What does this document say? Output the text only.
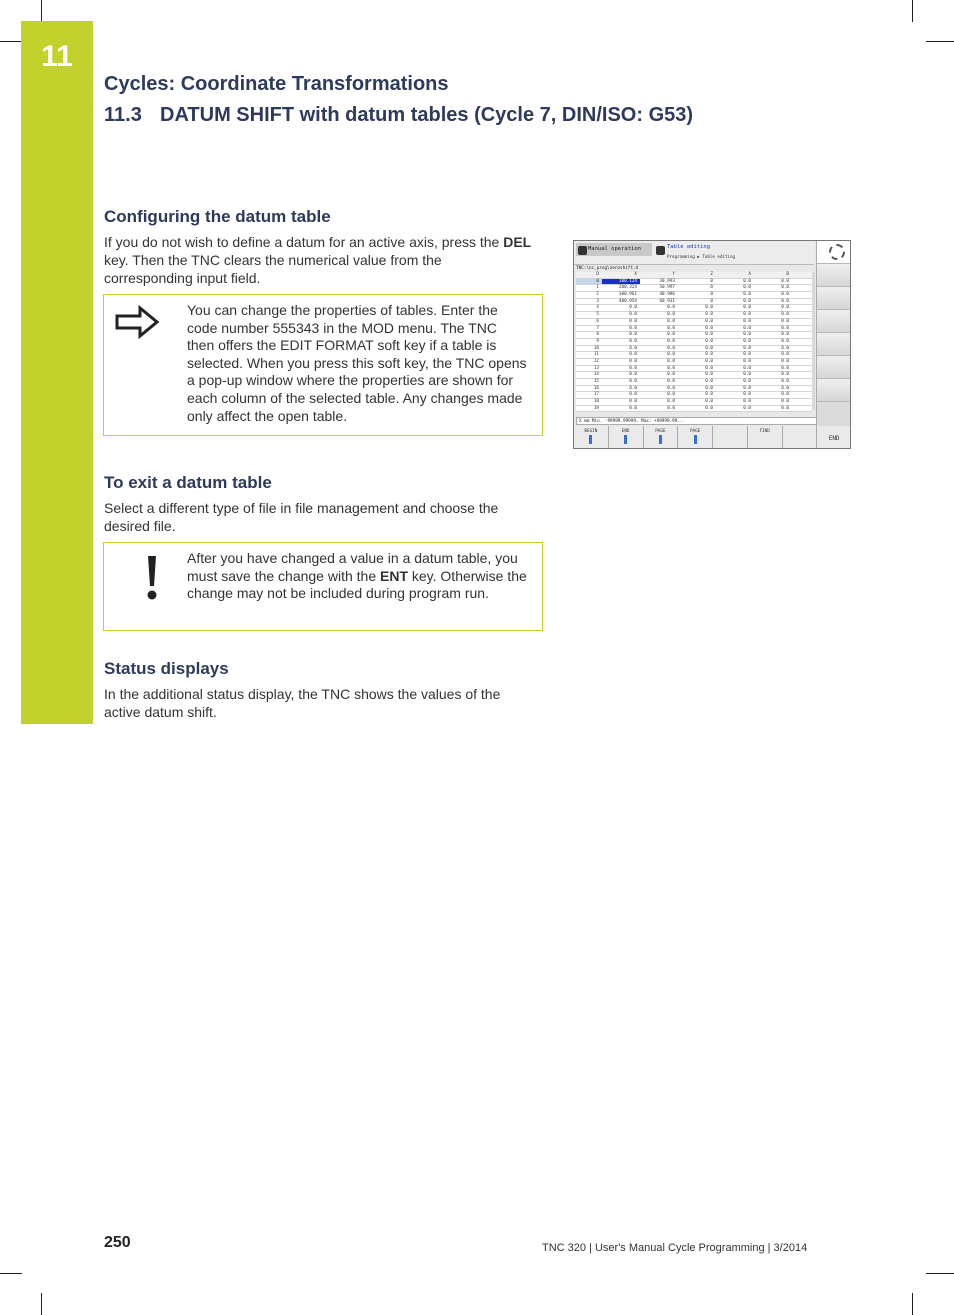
11
Cycles: Coordinate Transformations
11.3 DATUM SHIFT with datum tables (Cycle 7, DIN/ISO: G53)
Configuring the datum table
If you do not wish to define a datum for an active axis, press the DEL key. Then the TNC clears the numerical value from the corresponding input field.
You can change the properties of tables. Enter the code number 555343 in the MOD menu. The TNC then offers the EDIT FORMAT soft key if a table is selected. When you press this soft key, the TNC opens a pop-up window where the properties are shown for each column of the selected table. Any changes made only affect the open table.
To exit a datum table
Select a different type of file in file management and choose the desired file.
After you have changed a value in a datum table, you must save the change with the ENT key. Otherwise the change may not be included during program run.
Status displays
In the additional status display, the TNC shows the values of the active datum shift.
Manual operation	Table editing
Programming ▶ Table editing
TNC:\nc_prog\zeroshift.d
D	X	Y	Z	A	B
0	100.124	30.993	0	0.0	0.0
1	200.324	50.997	0	0.0	0.0
2	300.961	40.986	0	0.0	0.0
3	400.954	60.931	0	0.0	0.0
4	0.0	0.0	0.0	0.0	0.0
5	0.0	0.0	0.0	0.0	0.0
6	0.0	0.0	0.0	0.0	0.0
7	0.0	0.0	0.0	0.0	0.0
8	0.0	0.0	0.0	0.0	0.0
9	0.0	0.0	0.0	0.0	0.0
10	0.0	0.0	0.0	0.0	0.0
11	0.0	0.0	0.0	0.0	0.0
12	0.0	0.0	0.0	0.0	0.0
13	0.0	0.0	0.0	0.0	0.0
14	0.0	0.0	0.0	0.0	0.0
15	0.0	0.0	0.0	0.0	0.0
16	0.0	0.0	0.0	0.0	0.0
17	0.0	0.0	0.0	0.0	0.0
18	0.0	0.0	0.0	0.0	0.0
19	0.0	0.0	0.0	0.0	0.0
X mm Min. -99999.99999, Max: +99999.99...
BEGIN	END	PAGE	PAGE	FIND
END
250	TNC 320 | User's Manual Cycle Programming | 3/2014
